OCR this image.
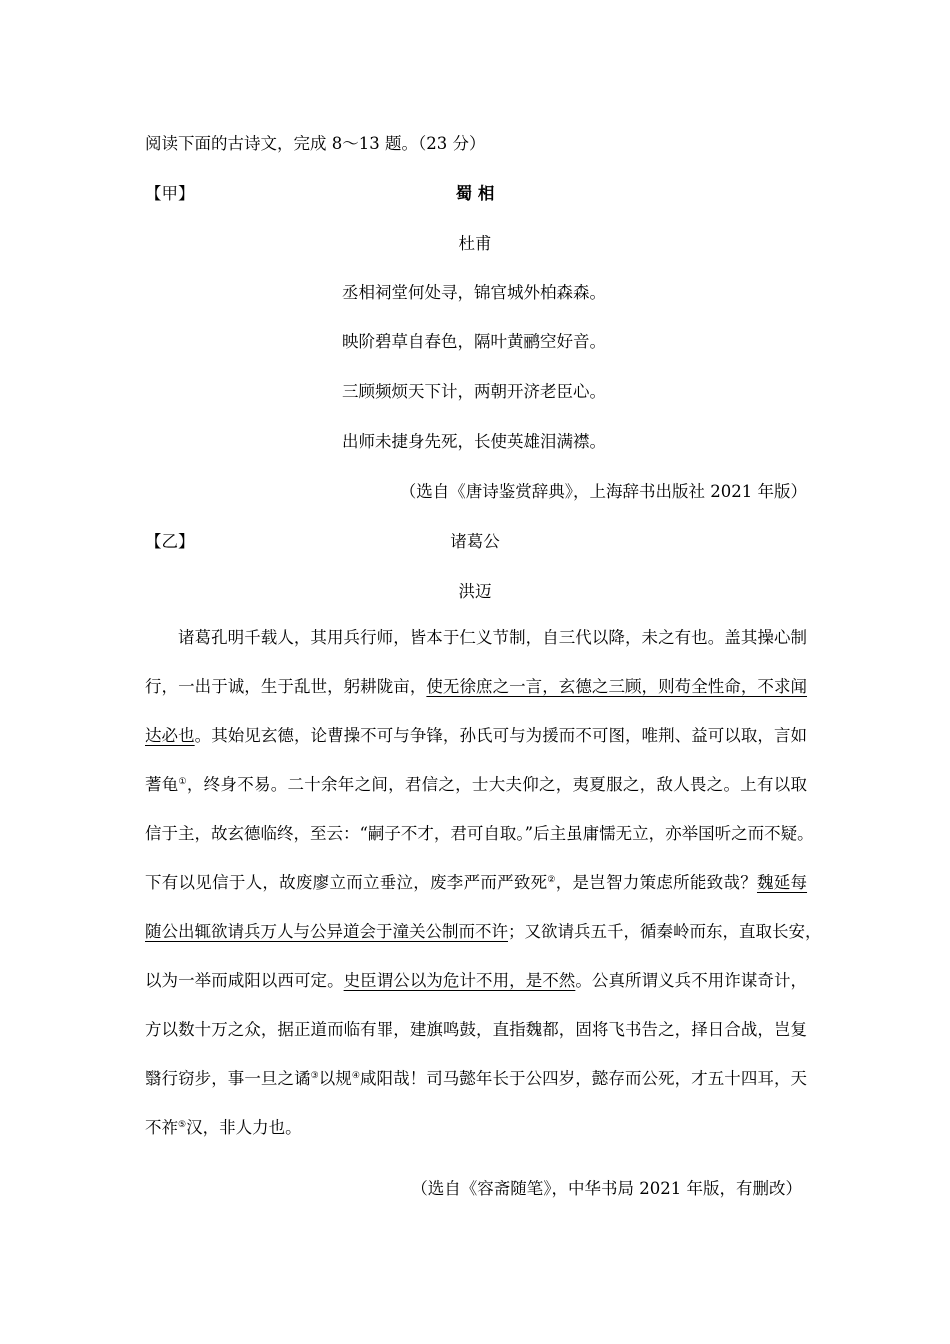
阅读下面的古诗文，完成 8～13 题。（23 分）
【甲】	蜀 相
杜甫
丞相祠堂何处寻，锦官城外柏森森。
映阶碧草自春色，隔叶黄鹂空好音。
三顾频烦天下计，两朝开济老臣心。
出师未捷身先死，长使英雄泪满襟。
（选自《唐诗鉴赏辞典》，上海辞书出版社 2021 年版）
【乙】	诸葛公
洪迈
诸葛孔明千载人，其用兵行师，皆本于仁义节制，自三代以降，未之有也。盖其操心制
行，一出于诚，生于乱世，躬耕陇亩，使无徐庶之一言，玄德之三顾，则苟全性命，不求闻
达必也。其始见玄德，论曹操不可与争锋，孙氏可与为援而不可图，唯荆、益可以取，言如
蓍龟①，终身不易。二十余年之间，君信之，士大夫仰之，夷夏服之，敌人畏之。上有以取
信于主，故玄德临终，至云：“嗣子不才，君可自取。”后主虽庸懦无立，亦举国听之而不疑。
下有以见信于人，故废廖立而立垂泣，废李严而严致死②，是岂智力策虑所能致哉？魏延每
随公出辄欲请兵万人与公异道会于潼关公制而不许；又欲请兵五千，循秦岭而东，直取长安，
以为一举而咸阳以西可定。史臣谓公以为危计不用，是不然。公真所谓义兵不用诈谋奇计，
方以数十万之众，据正道而临有罪，建旗鸣鼓，直指魏都，固将飞书告之，择日合战，岂复
翳行窃步，事一旦之谲③以规④咸阳哉！司马懿年长于公四岁，懿存而公死，才五十四耳，天
不祚⑤汉，非人力也。
（选自《容斋随笔》，中华书局 2021 年版，有删改）
